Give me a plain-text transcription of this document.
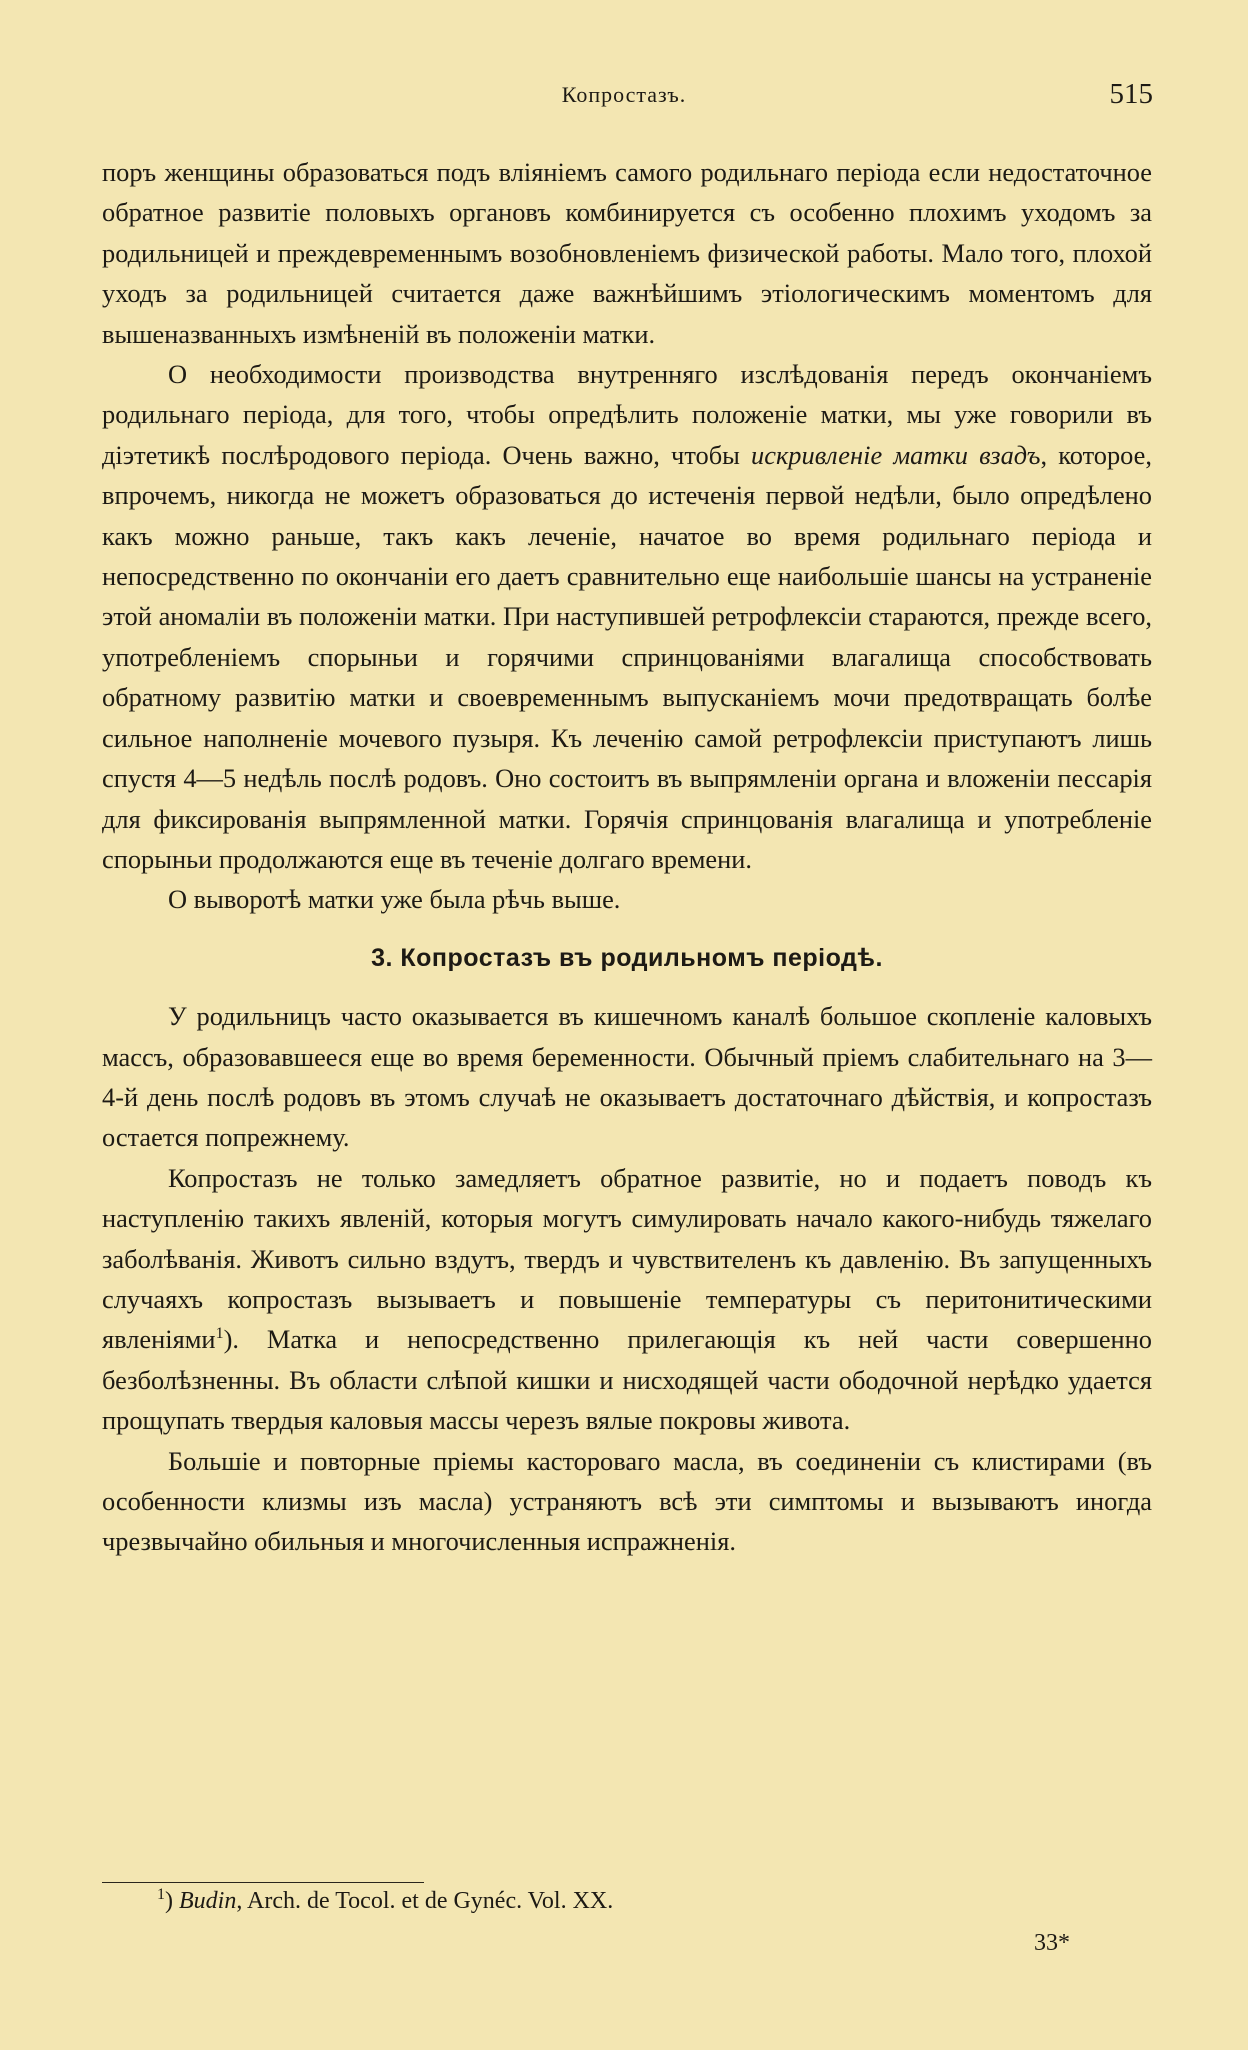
Копростазъ.	515

поръ женщины образоваться подъ вліяніемъ самого родильнаго періода если недостаточное обратное развитіе половыхъ органовъ комбинируется съ особенно плохимъ уходомъ за родильницей и преждевременнымъ возобновленіемъ физической работы. Мало того, плохой уходъ за родильницей считается даже важнѣйшимъ этіологическимъ моментомъ для вышеназванныхъ измѣненій въ положеніи матки.

О необходимости производства внутренняго изслѣдованія передъ окончаніемъ родильнаго періода, для того, чтобы опредѣлить положеніе матки, мы уже говорили въ діэтетикѣ послѣродового періода. Очень важно, чтобы искривленіе матки взадъ, которое, впрочемъ, никогда не можетъ образоваться до истеченія первой недѣли, было опредѣлено какъ можно раньше, такъ какъ леченіе, начатое во время родильнаго періода и непосредственно по окончаніи его даетъ сравнительно еще наибольшіе шансы на устраненіе этой аномаліи въ положеніи матки. При наступившей ретрофлексіи стараются, прежде всего, употребленіемъ спорыньи и горячими спринцованіями влагалища способствовать обратному развитію матки и своевременнымъ выпусканіемъ мочи предотвращать болѣе сильное наполненіе мочевого пузыря. Къ леченію самой ретрофлексіи приступаютъ лишь спустя 4—5 недѣль послѣ родовъ. Оно состоитъ въ выпрямленіи органа и вложеніи пессарія для фиксированія выпрямленной матки. Горячія спринцованія влагалища и употребленіе спорыньи продолжаются еще въ теченіе долгаго времени.

О выворотѣ матки уже была рѣчь выше.

3. Копростазъ въ родильномъ періодѣ.

У родильницъ часто оказывается въ кишечномъ каналѣ большое скопленіе каловыхъ массъ, образовавшееся еще во время беременности. Обычный пріемъ слабительнаго на 3—4-й день послѣ родовъ въ этомъ случаѣ не оказываетъ достаточнаго дѣйствія, и копростазъ остается попрежнему.

Копростазъ не только замедляетъ обратное развитіе, но и подаетъ поводъ къ наступленію такихъ явленій, которыя могутъ симулировать начало какого-нибудь тяжелаго заболѣванія. Животъ сильно вздутъ, твердъ и чувствителенъ къ давленію. Въ запущенныхъ случаяхъ копростазъ вызываетъ и повышеніе температуры съ перитонитическими явленіями$^1$). Матка и непосредственно прилегающія къ ней части совершенно безболѣзненны. Въ области слѣпой кишки и нисходящей части ободочной нерѣдко удается прощупать твердыя каловыя массы черезъ вялые покровы живота.

Большіе и повторные пріемы кастороваго масла, въ соединеніи съ клистирами (въ особенности клизмы изъ масла) устраняютъ всѣ эти симптомы и вызываютъ иногда чрезвычайно обильныя и многочисленныя испражненія.

$^1$) Budin, Arch. de Tocol. et de Gynéc. Vol. XX.
33*
